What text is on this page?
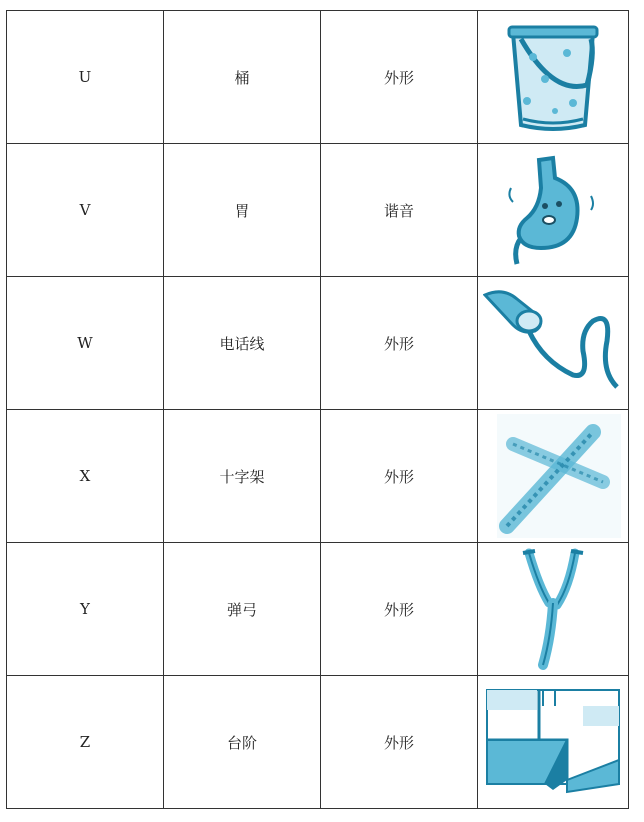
U	桶	外形	

V	胃	谐音	

W	电话线	外形	

X	十字架	外形	

Y	弹弓	外形	

Z	台阶	外形	
